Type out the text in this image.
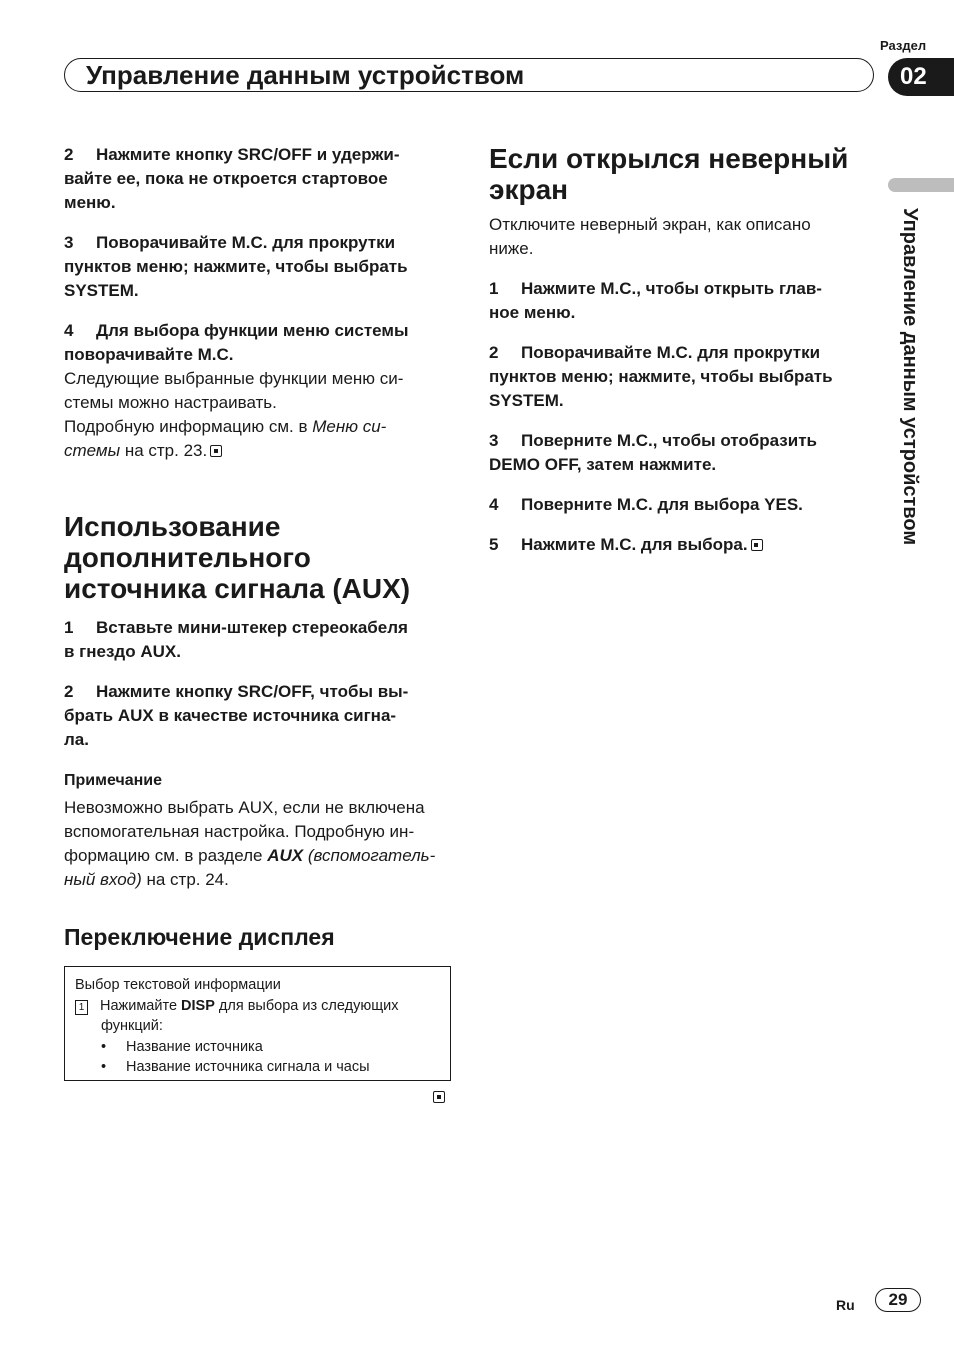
Раздел
Управление данным устройством	02
Управление данным устройством

2 Нажмите кнопку SRC/OFF и удержи-
вайте ее, пока не откроется стартовое
меню.

3 Поворачивайте M.C. для прокрутки
пунктов меню; нажмите, чтобы выбрать
SYSTEM.

4 Для выбора функции меню системы
поворачивайте M.C.

Следующие выбранные функции меню си-
стемы можно настраивать.
Подробную информацию см. в Меню си-
стемы на стр. 23.

Использование
дополнительного
источника сигнала (AUX)

1 Вставьте мини-штекер стереокабеля
в гнездо AUX.

2 Нажмите кнопку SRC/OFF, чтобы вы-
брать AUX в качестве источника сигна-
ла.

Примечание

Невозможно выбрать AUX, если не включена
вспомогательная настройка. Подробную ин-
формацию см. в разделе AUX (вспомогатель-
ный вход) на стр. 24.

Переключение дисплея

Выбор текстовой информации
1 Нажимайте DISP для выбора из следующих
функций:
• Название источника
• Название источника сигнала и часы

Если открылся неверный
экран

Отключите неверный экран, как описано
ниже.

1 Нажмите M.C., чтобы открыть глав-
ное меню.

2 Поворачивайте M.C. для прокрутки
пунктов меню; нажмите, чтобы выбрать
SYSTEM.

3 Поверните M.C., чтобы отобразить
DEMO OFF, затем нажмите.

4 Поверните M.C. для выбора YES.

5 Нажмите M.C. для выбора.

Ru	29
